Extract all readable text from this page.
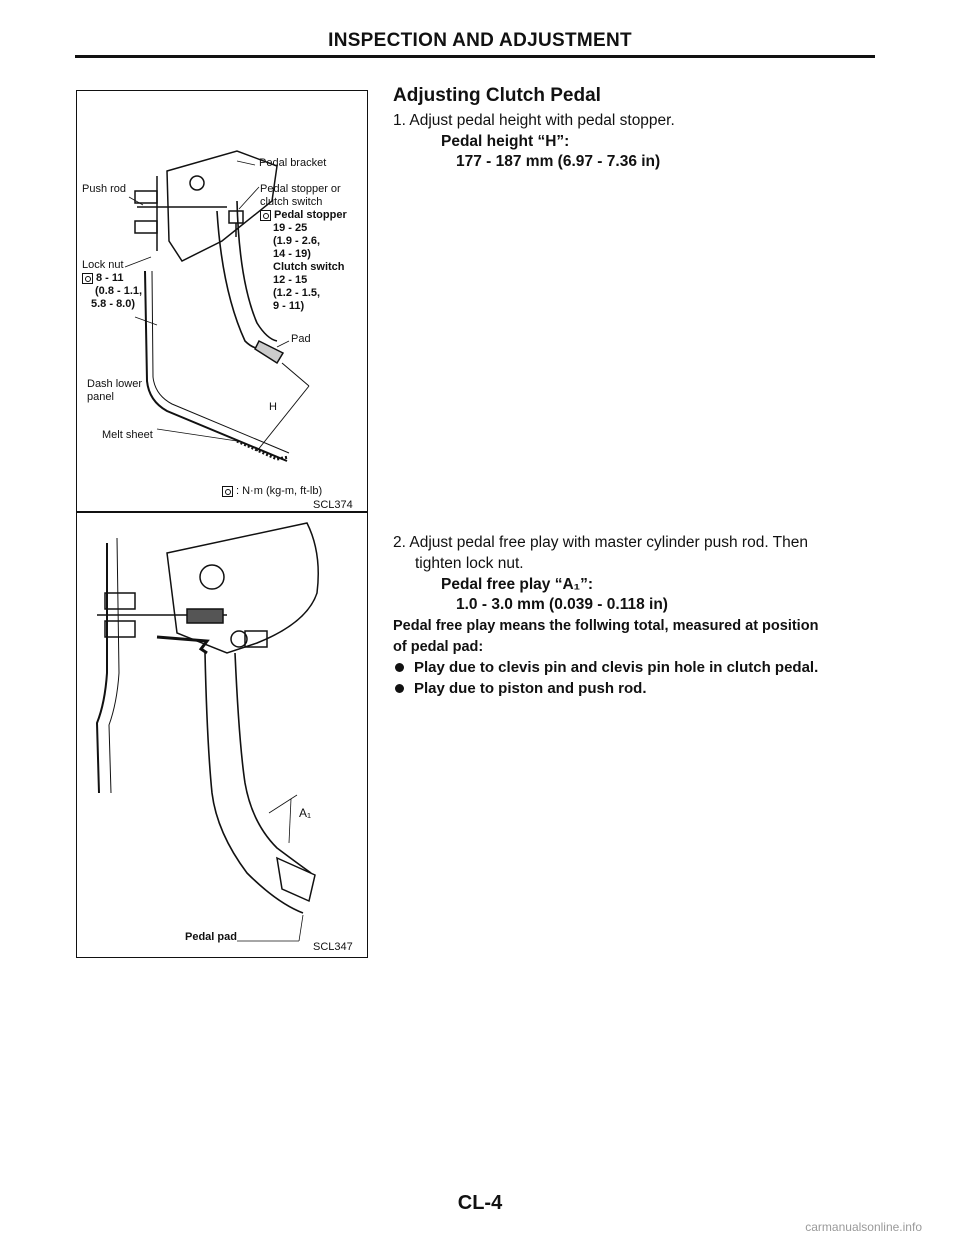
INSPECTION AND ADJUSTMENT
Pedal bracket
Push rod	Pedal stopper or
clutch switch
Pedal stopper
19 - 25
(1.9 - 2.6,
14 - 19)
Clutch switch
12 - 15
(1.2 - 1.5,
9 - 11)
Lock nut
8 - 11
(0.8 - 1.1,
5.8 - 8.0)
Pad
Dash lower
panel
Melt sheet
H
: N·m (kg-m, ft-lb)
SCL374
A₁
Pedal pad
SCL347
Adjusting Clutch Pedal
1. Adjust pedal height with pedal stopper.
Pedal height “H”:
177 - 187 mm (6.97 - 7.36 in)
2. Adjust pedal free play with master cylinder push rod. Then
tighten lock nut.
Pedal free play “A₁”:
1.0 - 3.0 mm (0.039 - 0.118 in)
Pedal free play means the follwing total, measured at position
of pedal pad:
Play due to clevis pin and clevis pin hole in clutch pedal.
Play due to piston and push rod.
CL-4
carmanualsonline.info
